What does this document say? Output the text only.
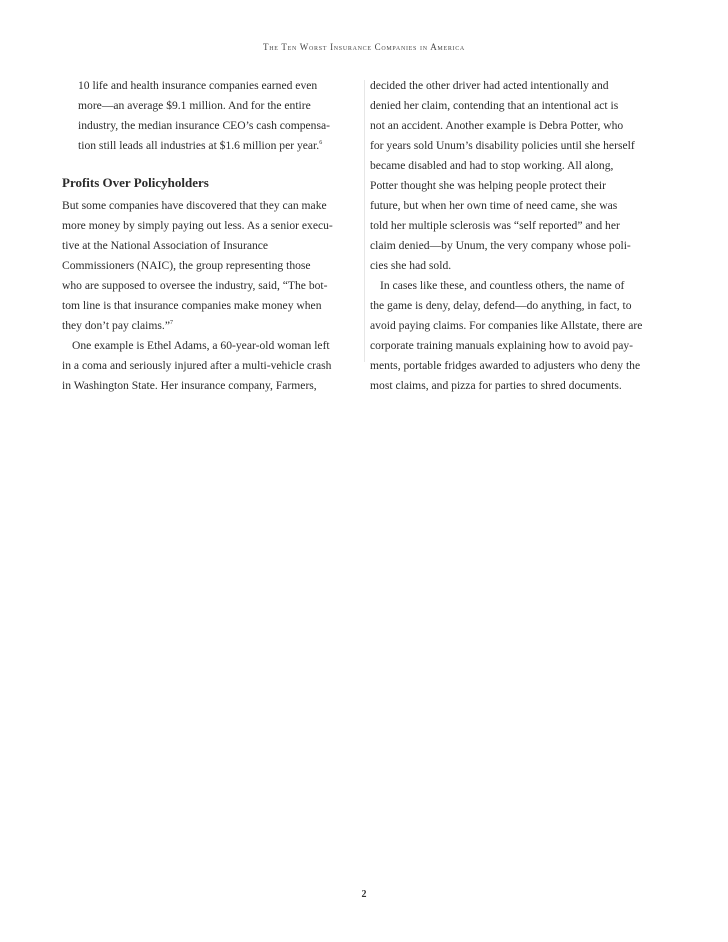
The Ten Worst Insurance Companies in America
10 life and health insurance companies earned even
more—an average $9.1 million. And for the entire
industry, the median insurance CEO’s cash compensa-
tion still leads all industries at $1.6 million per year.$^6$
Profits Over Policyholders
But some companies have discovered that they can make
more money by simply paying out less. As a senior execu-
tive at the National Association of Insurance
Commissioners (NAIC), the group representing those
who are supposed to oversee the industry, said, “The bot-
tom line is that insurance companies make money when
they don’t pay claims.”$^7$
One example is Ethel Adams, a 60-year-old woman left
in a coma and seriously injured after a multi-vehicle crash
in Washington State. Her insurance company, Farmers,
decided the other driver had acted intentionally and
denied her claim, contending that an intentional act is
not an accident. Another example is Debra Potter, who
for years sold Unum’s disability policies until she herself
became disabled and had to stop working. All along,
Potter thought she was helping people protect their
future, but when her own time of need came, she was
told her multiple sclerosis was “self reported” and her
claim denied—by Unum, the very company whose poli-
cies she had sold.
In cases like these, and countless others, the name of
the game is deny, delay, defend—do anything, in fact, to
avoid paying claims. For companies like Allstate, there are
corporate training manuals explaining how to avoid pay-
ments, portable fridges awarded to adjusters who deny the
most claims, and pizza for parties to shred documents.
2
